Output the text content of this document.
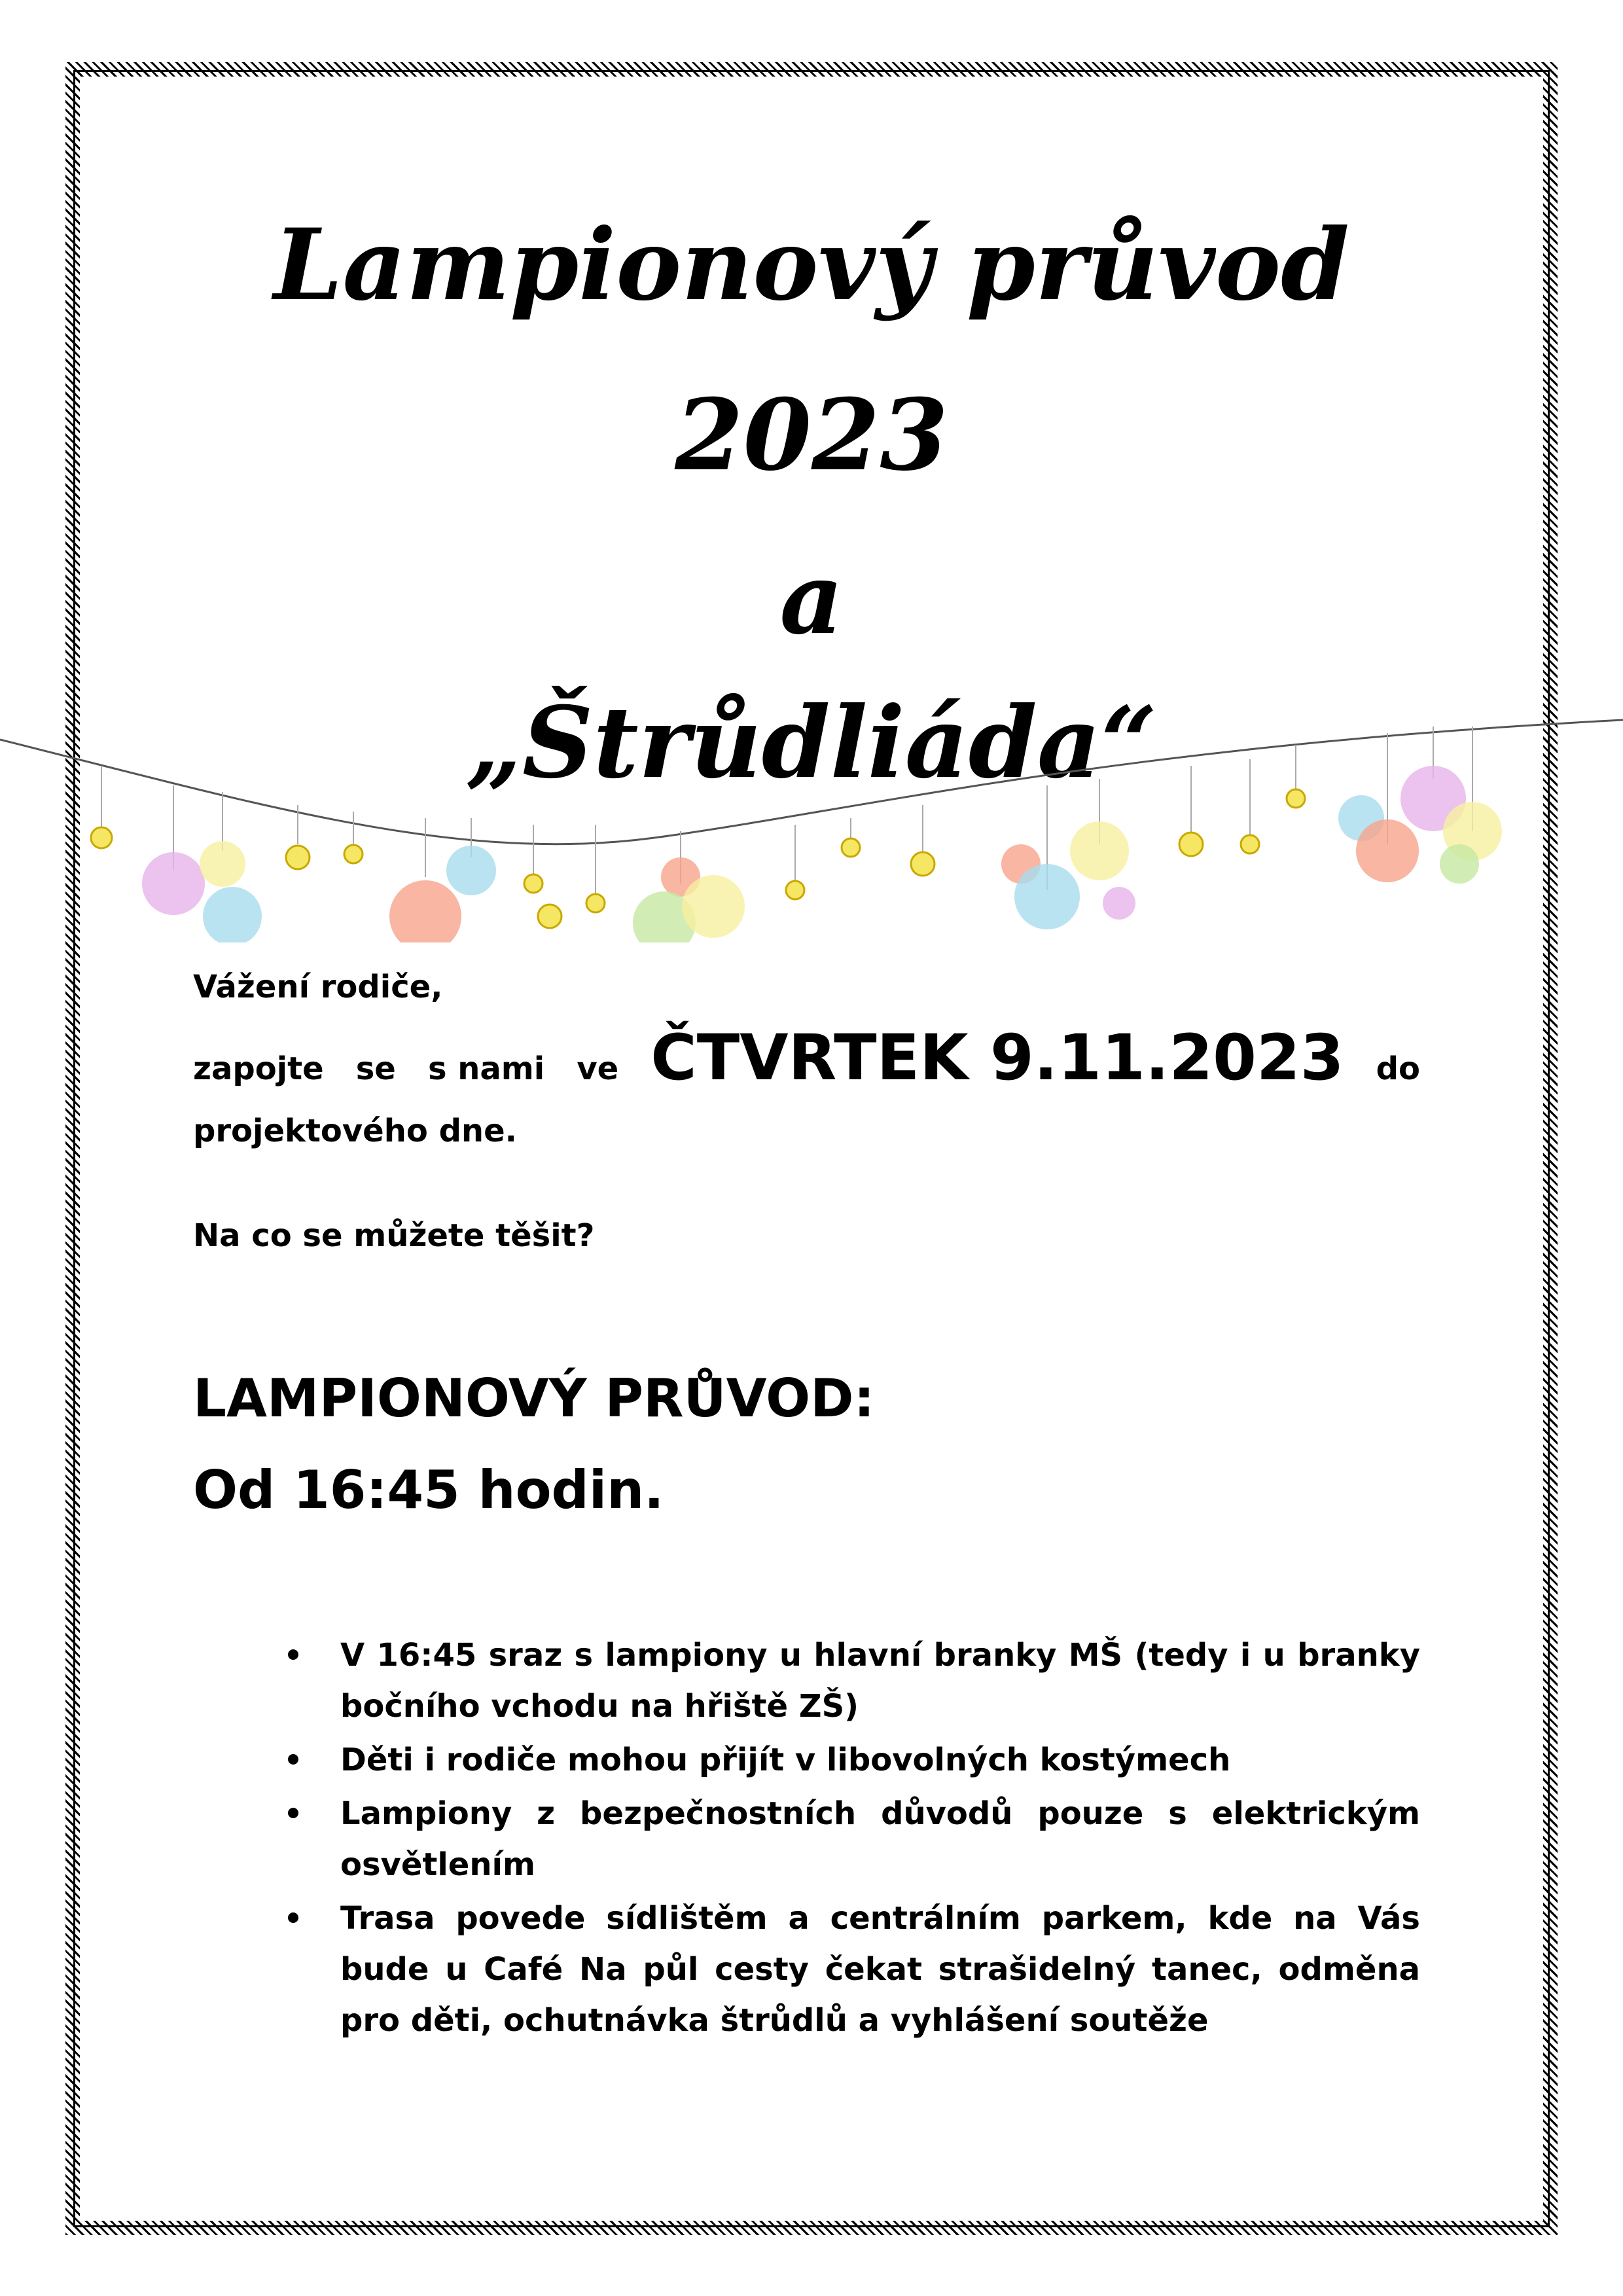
Lampionový průvod
2023
a
„Štrůdliáda“
Vážení rodiče,
zapojte se s nami ve ČTVRTEK 9.11.2023 do
projektového dne.
Na co se můžete těšit?
LAMPIONOVÝ PRŮVOD:
Od 16:45 hodin.
V 16:45 sraz s lampiony u hlavní branky MŠ (tedy i u branky bočního vchodu na hřiště ZŠ)
Děti i rodiče mohou přijít v libovolných kostýmech
Lampiony z bezpečnostních důvodů pouze s elektrickým osvětlením
Trasa povede sídlištěm a centrálním parkem, kde na Vás bude u Café Na půl cesty čekat strašidelný tanec, odměna pro děti, ochutnávka štrůdlů a vyhlášení soutěže
